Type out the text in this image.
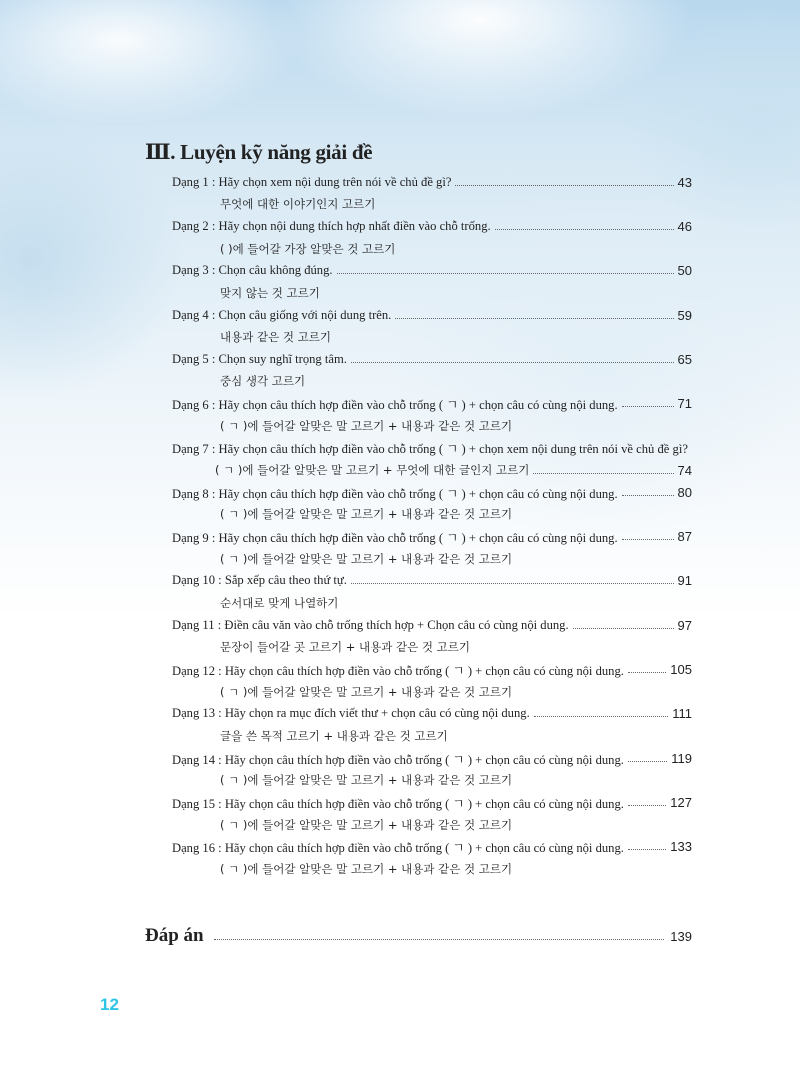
Ⅲ. Luyện kỹ năng giải đề
Dạng 1 : Hãy chọn xem nội dung trên nói về chủ đề gì?	43
무엇에 대한 이야기인지 고르기
Dạng 2 : Hãy chọn nội dung thích hợp nhất điền vào chỗ trống.	46
( )에 들어갈 가장 알맞은 것 고르기
Dạng 3 : Chọn câu không đúng.	50
맞지 않는 것 고르기
Dạng 4 : Chọn câu giống với nội dung trên.	59
내용과 같은 것 고르기
Dạng 5 : Chọn suy nghĩ trọng tâm.	65
중심 생각 고르기
Dạng 6 : Hãy chọn câu thích hợp điền vào chỗ trống ( ㄱ ) + chọn câu có cùng nội dung.	71
( ㄱ )에 들어갈 알맞은 말 고르기 + 내용과 같은 것 고르기
Dạng 7 : Hãy chọn câu thích hợp điền vào chỗ trống ( ㄱ ) + chọn xem nội dung trên nói về chủ đề gì?
( ㄱ )에 들어갈 알맞은 말 고르기 + 무엇에 대한 글인지 고르기	74
Dạng 8 : Hãy chọn câu thích hợp điền vào chỗ trống ( ㄱ ) + chọn câu có cùng nội dung.	80
( ㄱ )에 들어갈 알맞은 말 고르기 + 내용과 같은 것 고르기
Dạng 9 : Hãy chọn câu thích hợp điền vào chỗ trống ( ㄱ ) + chọn câu có cùng nội dung.	87
( ㄱ )에 들어갈 알맞은 말 고르기 + 내용과 같은 것 고르기
Dạng 10 : Sắp xếp câu theo thứ tự.	91
순서대로 맞게 나열하기
Dạng 11 : Điền câu văn vào chỗ trống thích hợp + Chọn câu có cùng nội dung.	97
문장이 들어갈 곳 고르기 + 내용과 같은 것 고르기
Dạng 12 : Hãy chọn câu thích hợp điền vào chỗ trống ( ㄱ ) + chọn câu có cùng nội dung.	105
( ㄱ )에 들어갈 알맞은 말 고르기 + 내용과 같은 것 고르기
Dạng 13 : Hãy chọn ra mục đích viết thư + chọn câu có cùng nội dung.	111
글을 쓴 목적 고르기 + 내용과 같은 것 고르기
Dạng 14 : Hãy chọn câu thích hợp điền vào chỗ trống ( ㄱ ) + chọn câu có cùng nội dung.	119
( ㄱ )에 들어갈 알맞은 말 고르기 + 내용과 같은 것 고르기
Dạng 15 : Hãy chọn câu thích hợp điền vào chỗ trống ( ㄱ ) + chọn câu có cùng nội dung.	127
( ㄱ )에 들어갈 알맞은 말 고르기 + 내용과 같은 것 고르기
Dạng 16 : Hãy chọn câu thích hợp điền vào chỗ trống ( ㄱ ) + chọn câu có cùng nội dung.	133
( ㄱ )에 들어갈 알맞은 말 고르기 + 내용과 같은 것 고르기
Đáp án	139
12
